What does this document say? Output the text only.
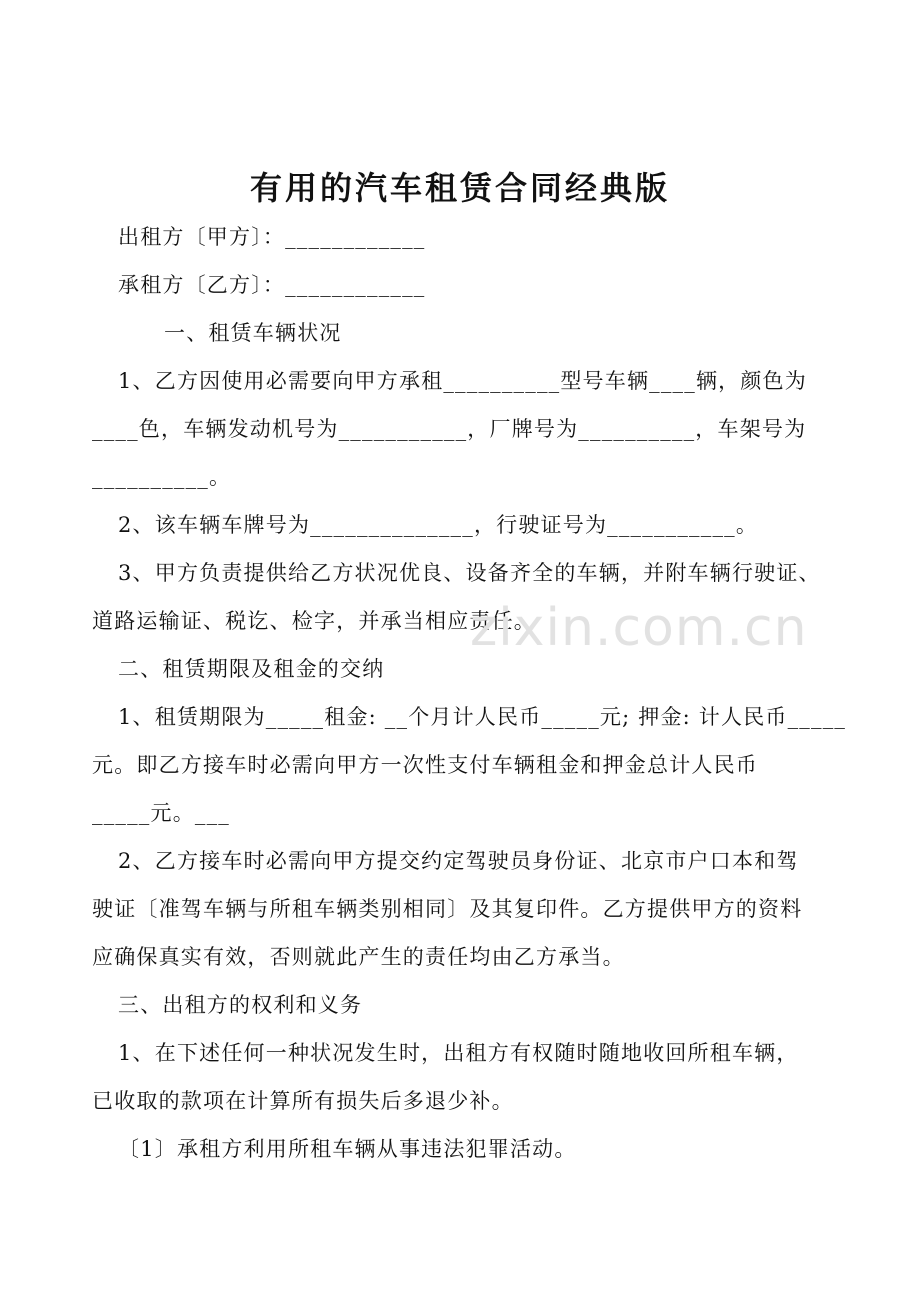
有用的汽车租赁合同经典版
出租方〔甲方〕：____________
承租方〔乙方〕：____________
一、租赁车辆状况
1、乙方因使用必需要向甲方承租__________型号车辆____辆，颜色为
____色，车辆发动机号为___________，厂牌号为__________，车架号为
__________。
2、该车辆车牌号为______________，行驶证号为___________。
3、甲方负责提供给乙方状况优良、设备齐全的车辆，并附车辆行驶证、
道路运输证、税讫、检字，并承当相应责任。
zixin.com.cn
二、租赁期限及租金的交纳
1、租赁期限为_____租金: __个月计人民币_____元; 押金: 计人民币_____
元。即乙方接车时必需向甲方一次性支付车辆租金和押金总计人民币
_____元。___
2、乙方接车时必需向甲方提交约定驾驶员身份证、北京市户口本和驾
驶证〔准驾车辆与所租车辆类别相同〕及其复印件。乙方提供甲方的资料
应确保真实有效，否则就此产生的责任均由乙方承当。
三、出租方的权利和义务
1、在下述任何一种状况发生时，出租方有权随时随地收回所租车辆，
已收取的款项在计算所有损失后多退少补。
〔1〕承租方利用所租车辆从事违法犯罪活动。
